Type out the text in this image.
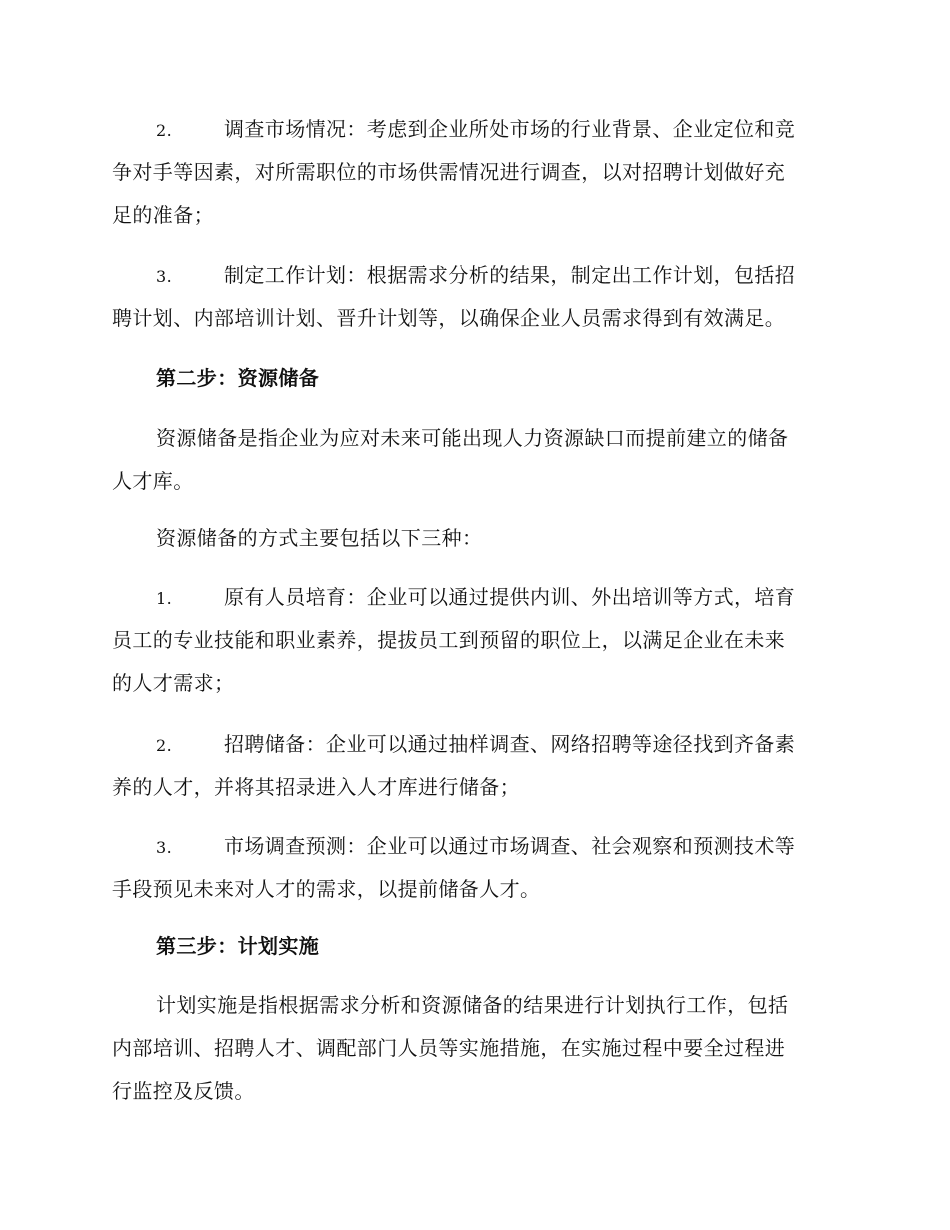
2.	调查市场情况：考虑到企业所处市场的行业背景、企业定位和竞
争对手等因素，对所需职位的市场供需情况进行调查，以对招聘计划做好充
足的准备；
3.	制定工作计划：根据需求分析的结果，制定出工作计划，包括招
聘计划、内部培训计划、晋升计划等，以确保企业人员需求得到有效满足。
第二步：资源储备
资源储备是指企业为应对未来可能出现人力资源缺口而提前建立的储备
人才库。
资源储备的方式主要包括以下三种：
1.	原有人员培育：企业可以通过提供内训、外出培训等方式，培育
员工的专业技能和职业素养，提拔员工到预留的职位上，以满足企业在未来
的人才需求；
2.	招聘储备：企业可以通过抽样调查、网络招聘等途径找到齐备素
养的人才，并将其招录进入人才库进行储备；
3.	市场调查预测：企业可以通过市场调查、社会观察和预测技术等
手段预见未来对人才的需求，以提前储备人才。
第三步：计划实施
计划实施是指根据需求分析和资源储备的结果进行计划执行工作，包括
内部培训、招聘人才、调配部门人员等实施措施，在实施过程中要全过程进
行监控及反馈。
